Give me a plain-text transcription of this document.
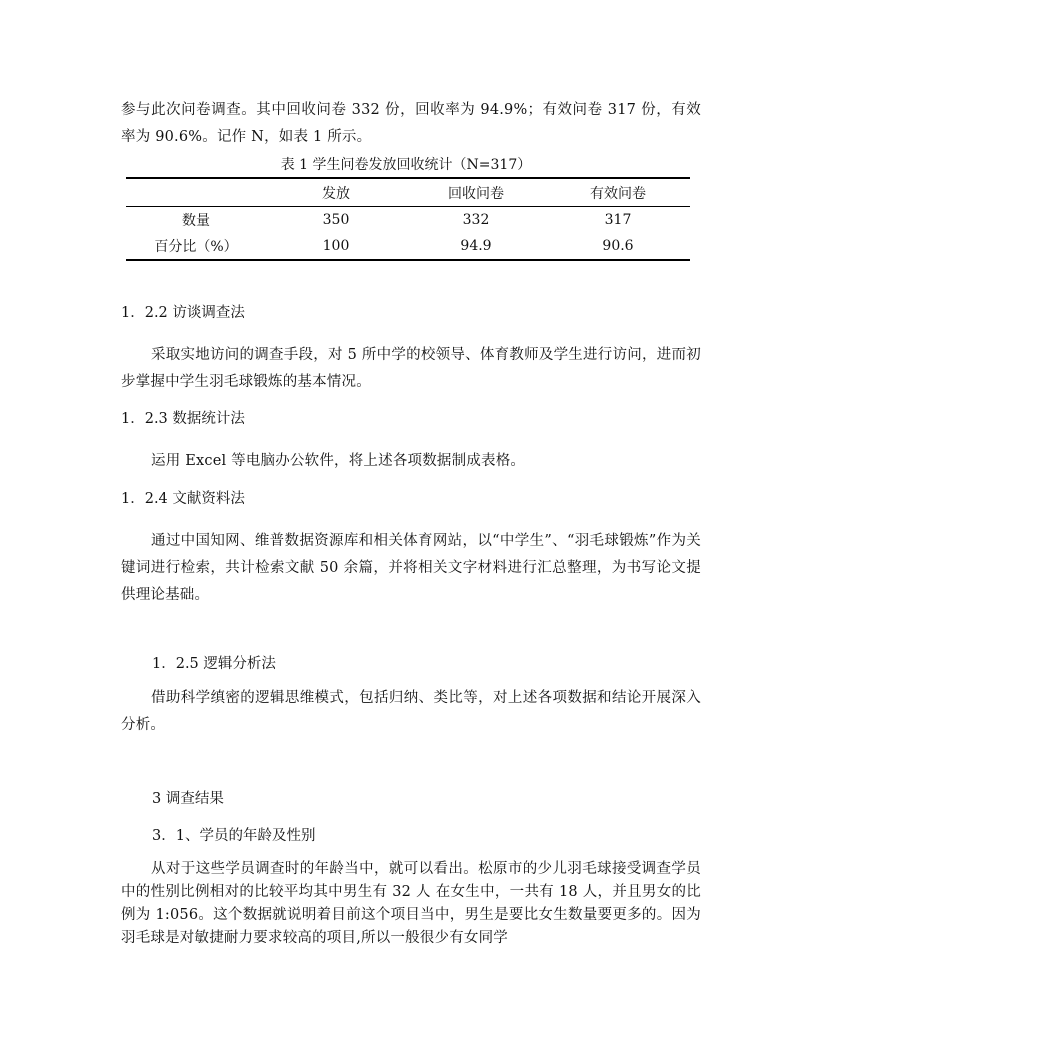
参与此次问卷调查。其中回收问卷 332 份，回收率为 94.9%；有效问卷 317 份，有效率为 90.6%。记作 N，如表 1 所示。
表 1 学生问卷发放回收统计（N=317）
	发放	回收问卷	有效问卷
数量	350	332	317
百分比（%）	100	94.9	90.6
1．2.2 访谈调查法
采取实地访问的调查手段，对 5 所中学的校领导、体育教师及学生进行访问，进而初步掌握中学生羽毛球锻炼的基本情况。
1．2.3 数据统计法
运用 Excel 等电脑办公软件，将上述各项数据制成表格。
1．2.4 文献资料法
通过中国知网、维普数据资源库和相关体育网站，以“中学生”、“羽毛球锻炼”作为关键词进行检索，共计检索文献 50 余篇，并将相关文字材料进行汇总整理，为书写论文提供理论基础。
1．2.5 逻辑分析法
借助科学缜密的逻辑思维模式，包括归纳、类比等，对上述各项数据和结论开展深入分析。
3 调查结果
3．1、学员的年龄及性别
从对于这些学员调查时的年龄当中，就可以看出。松原市的少儿羽毛球接受调查学员中的性别比例相对的比较平均其中男生有 32 人 在女生中，一共有 18 人，并且男女的比例为 1:056。这个数据就说明着目前这个项目当中，男生是要比女生数量要更多的。因为羽毛球是对敏捷耐力要求较高的项目,所以一般很少有女同学
